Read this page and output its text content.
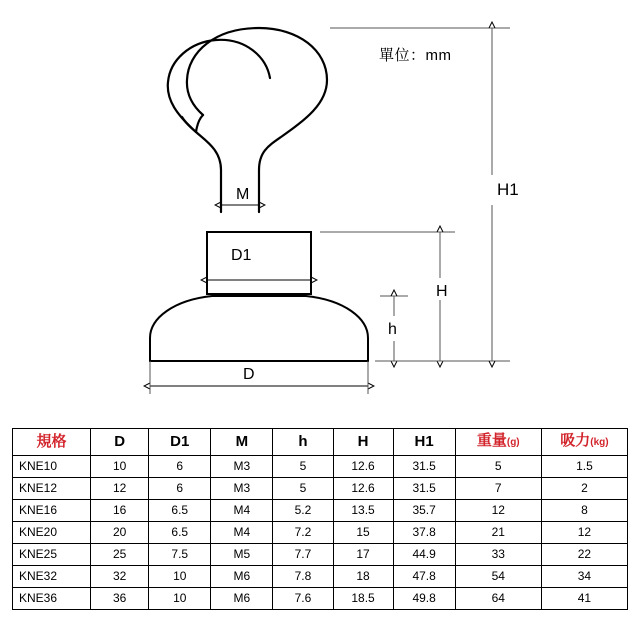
單位：mm
M
D1
D
h
H
H1
規格	D	D1	M	h	H	H1	重量(g)	吸力(kg)
KNE10	10	6	M3	5	12.6	31.5	5	1.5
KNE12	12	6	M3	5	12.6	31.5	7	2
KNE16	16	6.5	M4	5.2	13.5	35.7	12	8
KNE20	20	6.5	M4	7.2	15	37.8	21	12
KNE25	25	7.5	M5	7.7	17	44.9	33	22
KNE32	32	10	M6	7.8	18	47.8	54	34
KNE36	36	10	M6	7.6	18.5	49.8	64	41
